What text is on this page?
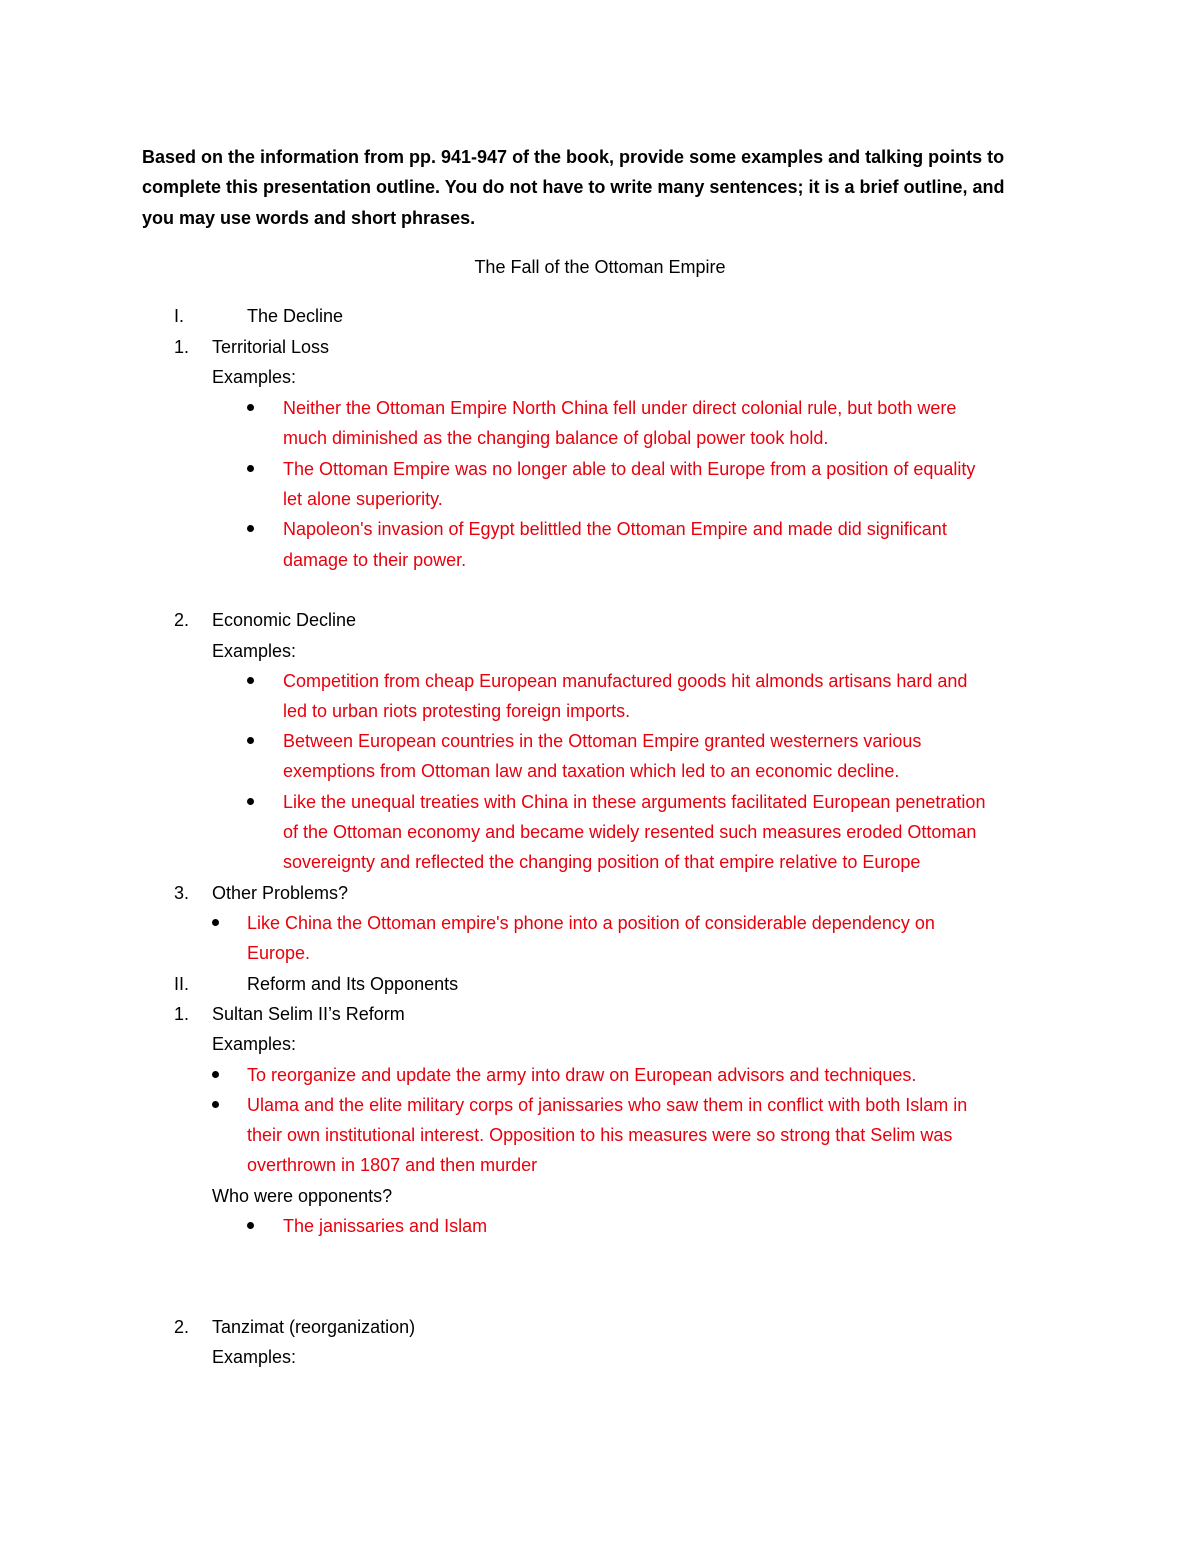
Based on the information from pp. 941-947 of the book, provide some examples and talking points to
complete this presentation outline. You do not have to write many sentences; it is a brief outline, and
you may use words and short phrases.
The Fall of the Ottoman Empire
I.	The Decline
1. Territorial Loss
Examples:
Neither the Ottoman Empire North China fell under direct colonial rule, but both were
much diminished as the changing balance of global power took hold.
The Ottoman Empire was no longer able to deal with Europe from a position of equality
let alone superiority.
Napoleon's invasion of Egypt belittled the Ottoman Empire and made did significant
damage to their power.
2. Economic Decline
Examples:
Competition from cheap European manufactured goods hit almonds artisans hard and
led to urban riots protesting foreign imports.
Between European countries in the Ottoman Empire granted westerners various
exemptions from Ottoman law and taxation which led to an economic decline.
Like the unequal treaties with China in these arguments facilitated European penetration
of the Ottoman economy and became widely resented such measures eroded Ottoman
sovereignty and reflected the changing position of that empire relative to Europe
3. Other Problems?
Like China the Ottoman empire's phone into a position of considerable dependency on
Europe.
II.	Reform and Its Opponents
1. Sultan Selim II’s Reform
Examples:
To reorganize and update the army into draw on European advisors and techniques.
Ulama and the elite military corps of janissaries who saw them in conflict with both Islam in
their own institutional interest. Opposition to his measures were so strong that Selim was
overthrown in 1807 and then murder
Who were opponents?
The janissaries and Islam
2. Tanzimat (reorganization)
Examples:
